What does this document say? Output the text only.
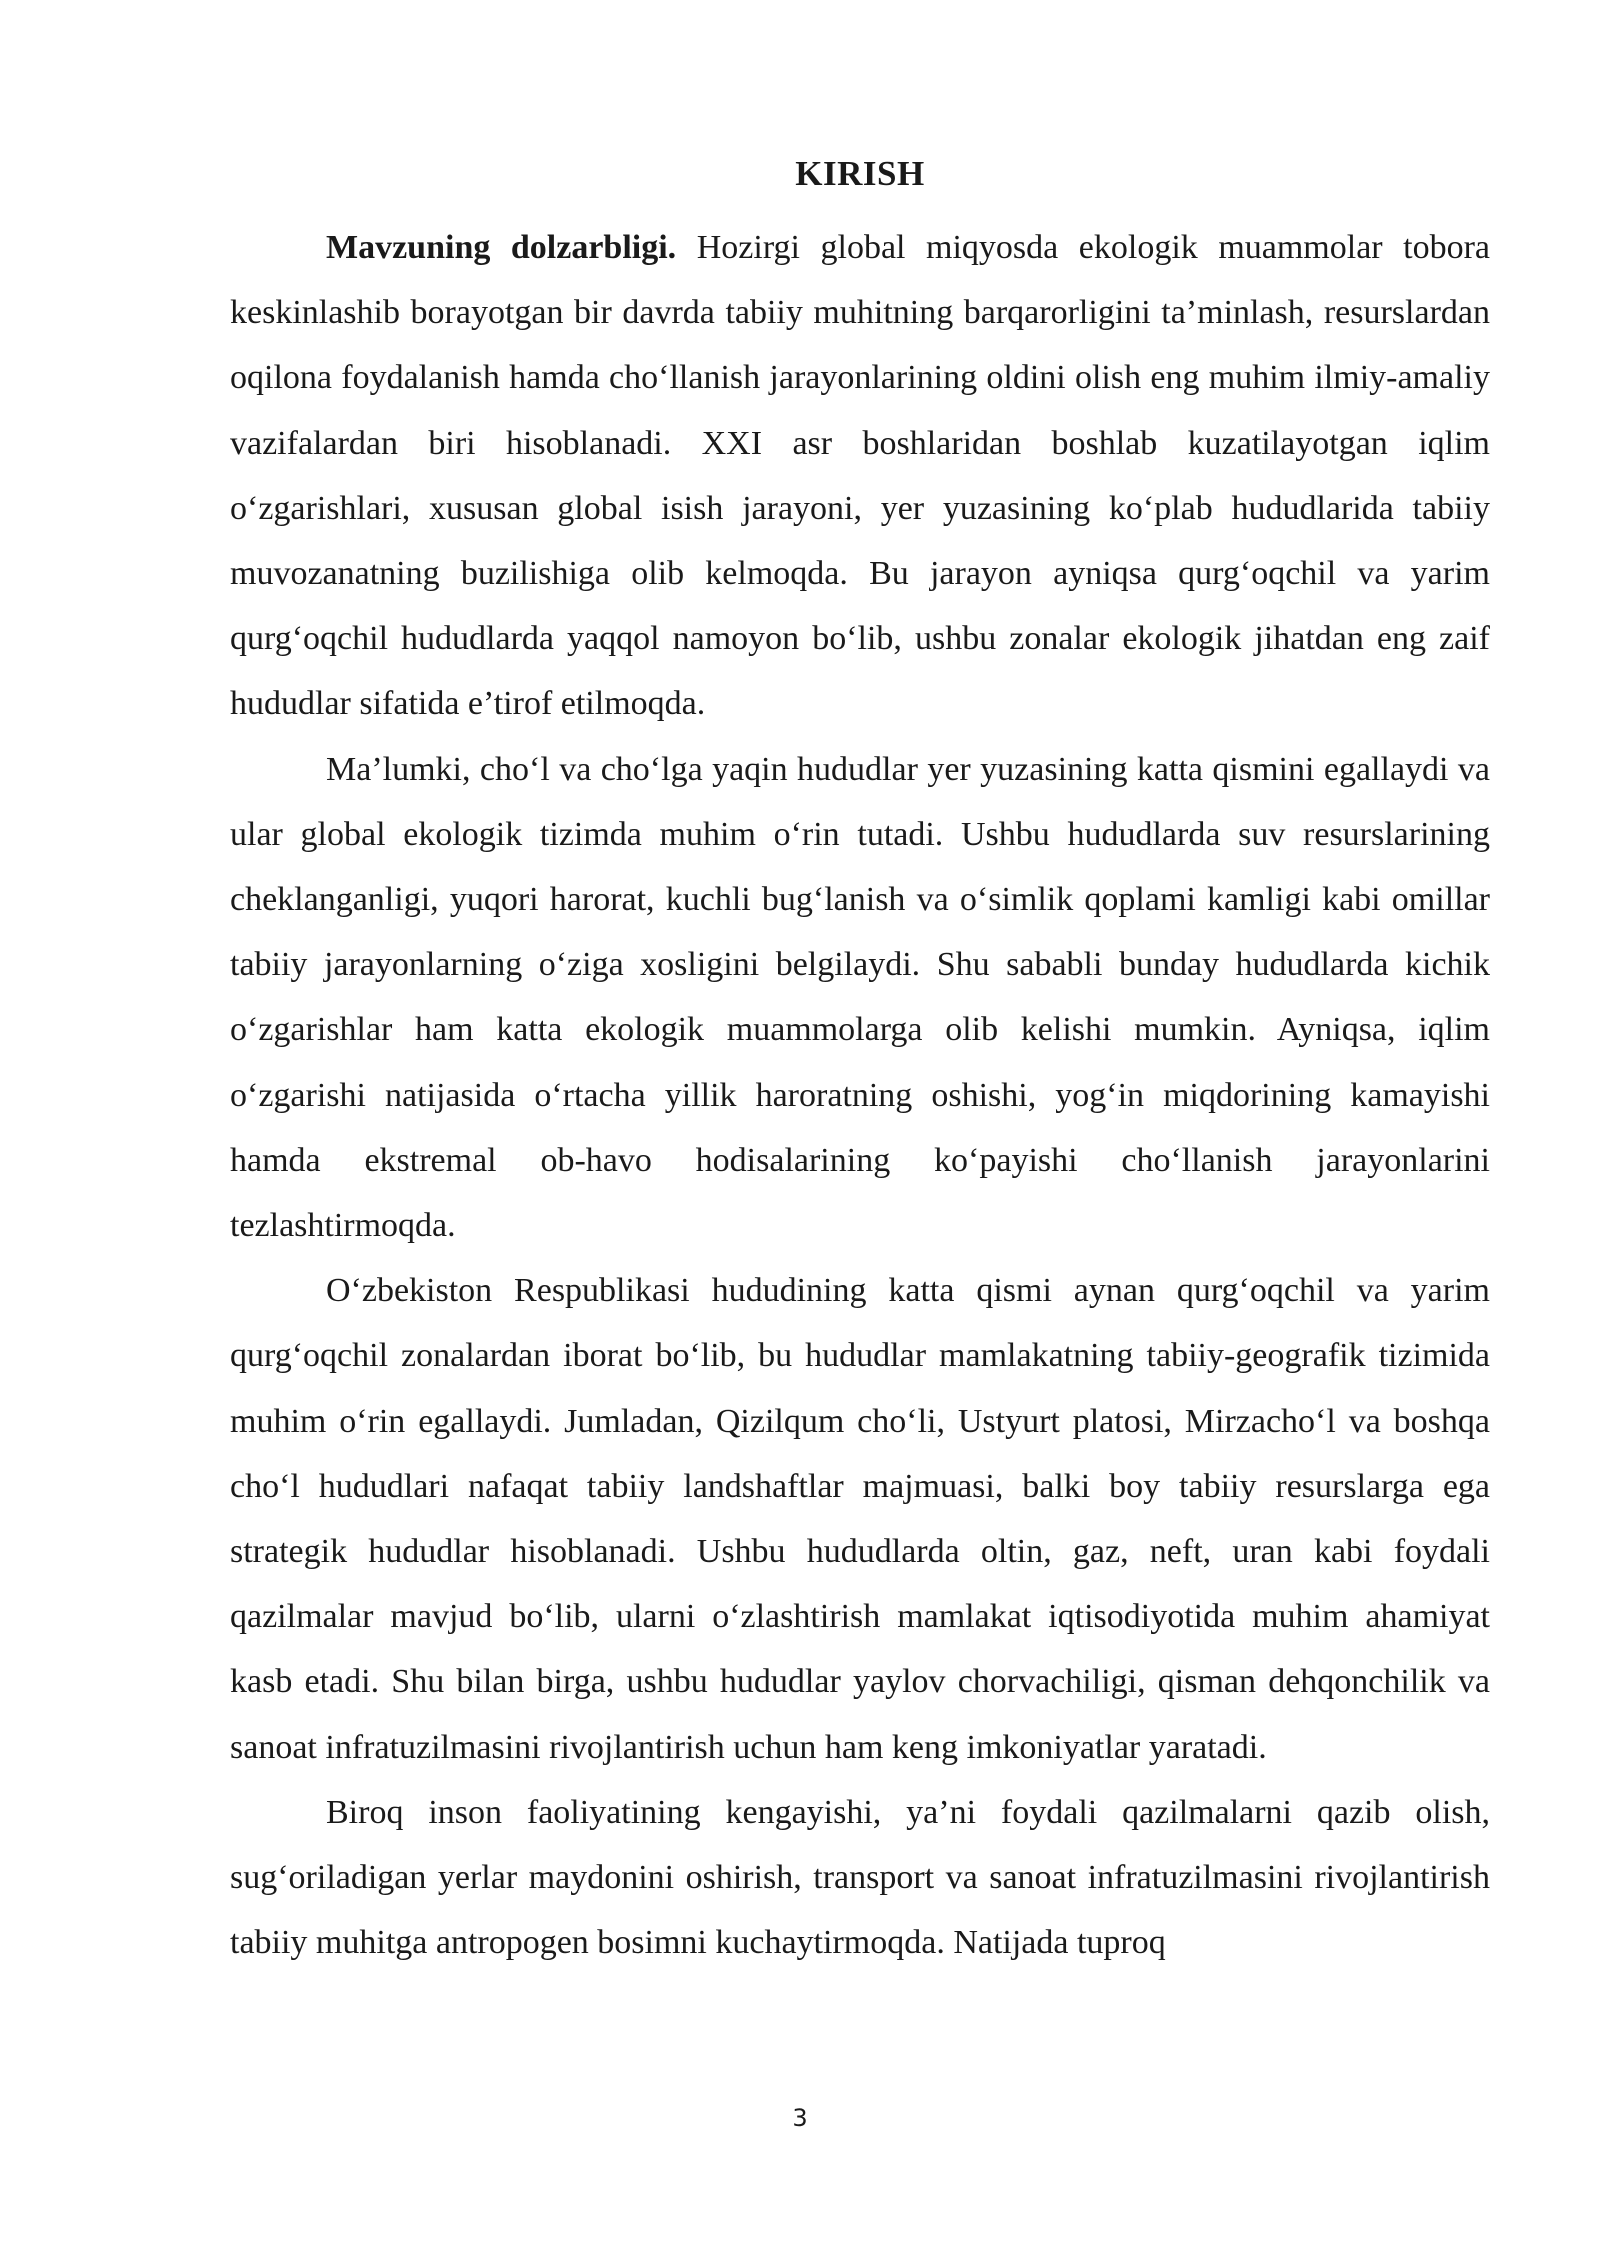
KIRISH

Mavzuning dolzarbligi. Hozirgi global miqyosda ekologik muammolar tobora keskinlashib borayotgan bir davrda tabiiy muhitning barqarorligini ta’minlash, resurslardan oqilona foydalanish hamda cho‘llanish jarayonlarining oldini olish eng muhim ilmiy-amaliy vazifalardan biri hisoblanadi. XXI asr boshlaridan boshlab kuzatilayotgan iqlim o‘zgarishlari, xususan global isish jarayoni, yer yuzasining ko‘plab hududlarida tabiiy muvozanatning buzilishiga olib kelmoqda. Bu jarayon ayniqsa qurg‘oqchil va yarim qurg‘oqchil hududlarda yaqqol namoyon bo‘lib, ushbu zonalar ekologik jihatdan eng zaif hududlar sifatida e’tirof etilmoqda.

Ma’lumki, cho‘l va cho‘lga yaqin hududlar yer yuzasining katta qismini egallaydi va ular global ekologik tizimda muhim o‘rin tutadi. Ushbu hududlarda suv resurslarining cheklanganligi, yuqori harorat, kuchli bug‘lanish va o‘simlik qoplami kamligi kabi omillar tabiiy jarayonlarning o‘ziga xosligini belgilaydi. Shu sababli bunday hududlarda kichik o‘zgarishlar ham katta ekologik muammolarga olib kelishi mumkin. Ayniqsa, iqlim o‘zgarishi natijasida o‘rtacha yillik haroratning oshishi, yog‘in miqdorining kamayishi hamda ekstremal ob-havo hodisalarining ko‘payishi cho‘llanish jarayonlarini tezlashtirmoqda.

O‘zbekiston Respublikasi hududining katta qismi aynan qurg‘oqchil va yarim qurg‘oqchil zonalardan iborat bo‘lib, bu hududlar mamlakatning tabiiy-geografik tizimida muhim o‘rin egallaydi. Jumladan, Qizilqum cho‘li, Ustyurt platosi, Mirzacho‘l va boshqa cho‘l hududlari nafaqat tabiiy landshaftlar majmuasi, balki boy tabiiy resurslarga ega strategik hududlar hisoblanadi. Ushbu hududlarda oltin, gaz, neft, uran kabi foydali qazilmalar mavjud bo‘lib, ularni o‘zlashtirish mamlakat iqtisodiyotida muhim ahamiyat kasb etadi. Shu bilan birga, ushbu hududlar yaylov chorvachiligi, qisman dehqonchilik va sanoat infratuzilmasini rivojlantirish uchun ham keng imkoniyatlar yaratadi.

Biroq inson faoliyatining kengayishi, ya’ni foydali qazilmalarni qazib olish, sug‘oriladigan yerlar maydonini oshirish, transport va sanoat infratuzilmasini rivojlantirish tabiiy muhitga antropogen bosimni kuchaytirmoqda. Natijada tuproq

3
